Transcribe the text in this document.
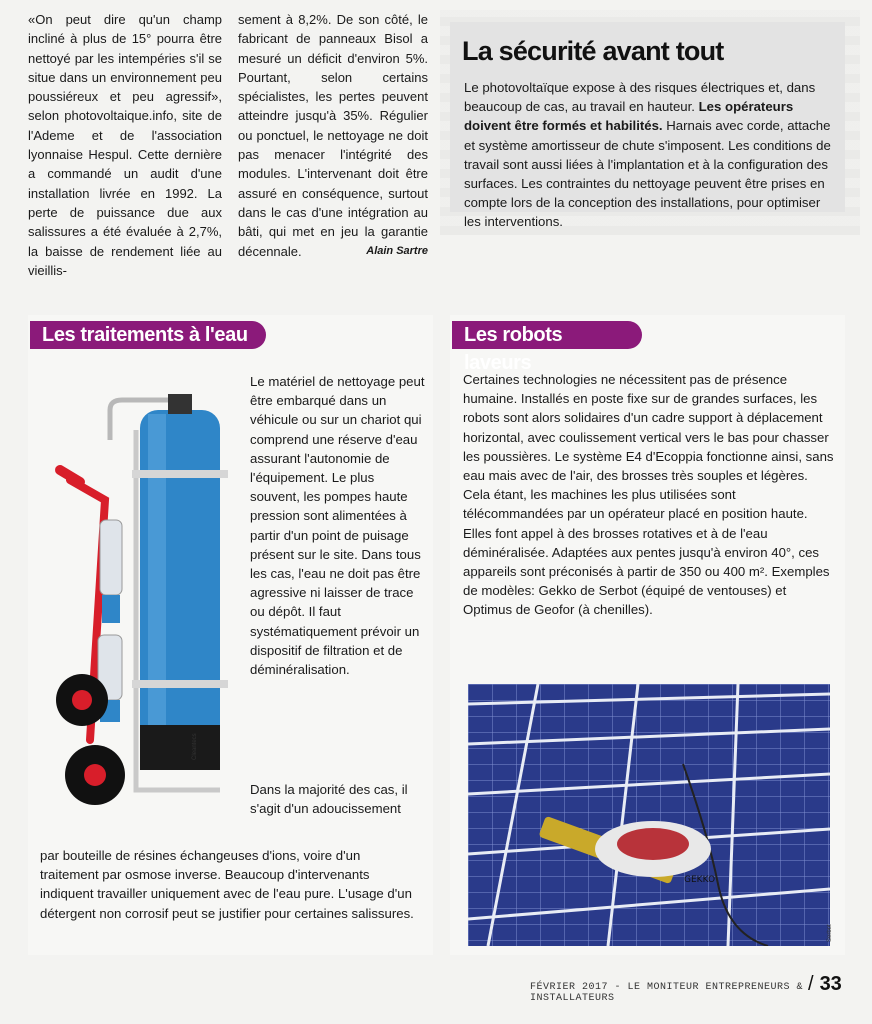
«On peut dire qu'un champ incliné à plus de 15° pourra être nettoyé par les intempéries s'il se situe dans un environnement peu poussiéreux et peu agressif», selon photovoltaique.info, site de l'Ademe et de l'association lyonnaise Hespul. Cette dernière a commandé un audit d'une installation livrée en 1992. La perte de puissance due aux salissures a été évaluée à 2,7%, la baisse de rendement liée au vieillis-
sement à 8,2%. De son côté, le fabricant de panneaux Bisol a mesuré un déficit d'environ 5%. Pourtant, selon certains spécialistes, les pertes peuvent atteindre jusqu'à 35%. Régulier ou ponctuel, le nettoyage ne doit pas menacer l'intégrité des modules. L'intervenant doit être assuré en conséquence, surtout dans le cas d'une intégration au bâti, qui met en jeu la garantie décennale.	Alain Sartre
La sécurité avant tout

Le photovoltaïque expose à des risques électriques et, dans beaucoup de cas, au travail en hauteur. Les opérateurs doivent être formés et habilités. Harnais avec corde, attache et système amortisseur de chute s'imposent. Les conditions de travail sont aussi liées à l'implantation et à la configuration des surfaces. Les contraintes du nettoyage peuvent être prises en compte lors de la conception des installations, pour optimiser les interventions.

Les traitements à l'eau
Cleantecs
Le matériel de nettoyage peut être embarqué dans un véhicule ou sur un chariot qui comprend une réserve d'eau assurant l'autonomie de l'équipement. Le plus souvent, les pompes haute pression sont alimentées à partir d'un point de puisage présent sur le site. Dans tous les cas, l'eau ne doit pas être agressive ni laisser de trace ou dépôt. Il faut systématiquement prévoir un dispositif de filtration et de déminéralisation.
Dans la majorité des cas, il s'agit d'un adoucissement
par bouteille de résines échangeuses d'ions, voire d'un traitement par osmose inverse. Beaucoup d'intervenants indiquent travailler uniquement avec de l'eau pure. L'usage d'un détergent non corrosif peut se justifier pour certaines salissures.
Les robots laveurs
Certaines technologies ne nécessitent pas de présence humaine. Installés en poste fixe sur de grandes surfaces, les robots sont alors solidaires d'un cadre support à déplacement horizontal, avec coulissement vertical vers le bas pour chasser les poussières. Le système E4 d'Ecoppia fonctionne ainsi, sans eau mais avec de l'air, des brosses très souples et légères. Cela étant, les machines les plus utilisées sont télécommandées par un opérateur placé en position haute. Elles font appel à des brosses rotatives et à de l'eau déminéralisée. Adaptées aux pentes jusqu'à environ 40°, ces appareils sont préconisés à partir de 350 ou 400 m². Exemples de modèles: Gekko de Serbot (équipé de ventouses) et Optimus de Geofor (à chenilles).
GEKKO
Serbot
FÉVRIER 2017 - LE MONITEUR ENTREPRENEURS & INSTALLATEURS
/ 33
